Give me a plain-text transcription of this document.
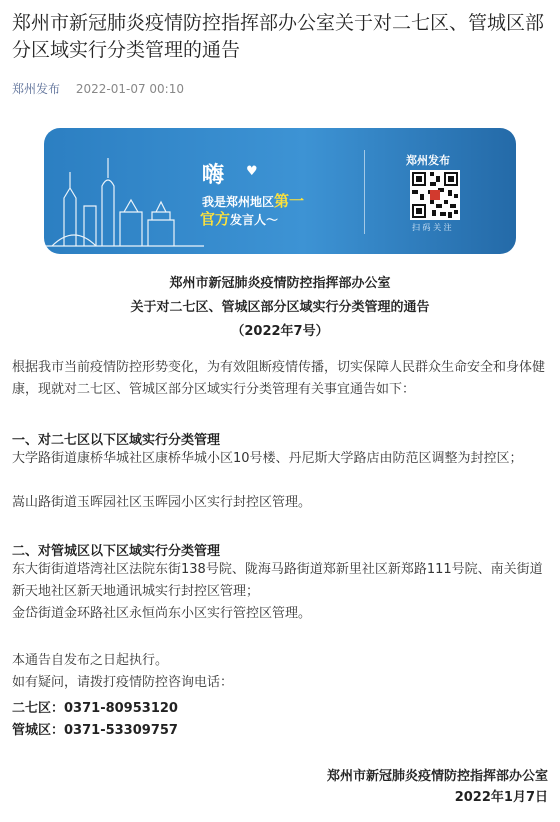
郑州市新冠肺炎疫情防控指挥部办公室关于对二七区、管城区部分区域实行分类管理的通告
郑州发布 2022-01-07 00:10
嗨 ♥
我是郑州地区第一
官方发言人～
郑州发布
扫 码 关 注
郑州市新冠肺炎疫情防控指挥部办公室
关于对二七区、管城区部分区域实行分类管理的通告
（2022年7号）

根据我市当前疫情防控形势变化，为有效阻断疫情传播，切实保障人民群众生命安全和身体健康，现就对二七区、管城区部分区域实行分类管理有关事宜通告如下：

一、对二七区以下区域实行分类管理

大学路街道康桥华城社区康桥华城小区10号楼、丹尼斯大学路店由防范区调整为封控区；

嵩山路街道玉晖园社区玉晖园小区实行封控区管理。

二、对管城区以下区域实行分类管理

东大街街道塔湾社区法院东街138号院、陇海马路街道郑新里社区新郑路111号院、南关街道新天地社区新天地通讯城实行封控区管理；

金岱街道金环路社区永恒尚东小区实行管控区管理。

本通告自发布之日起执行。

如有疑问，请拨打疫情防控咨询电话：

二七区：0371-80953120
管城区：0371-53309757
郑州市新冠肺炎疫情防控指挥部办公室
2022年1月7日
